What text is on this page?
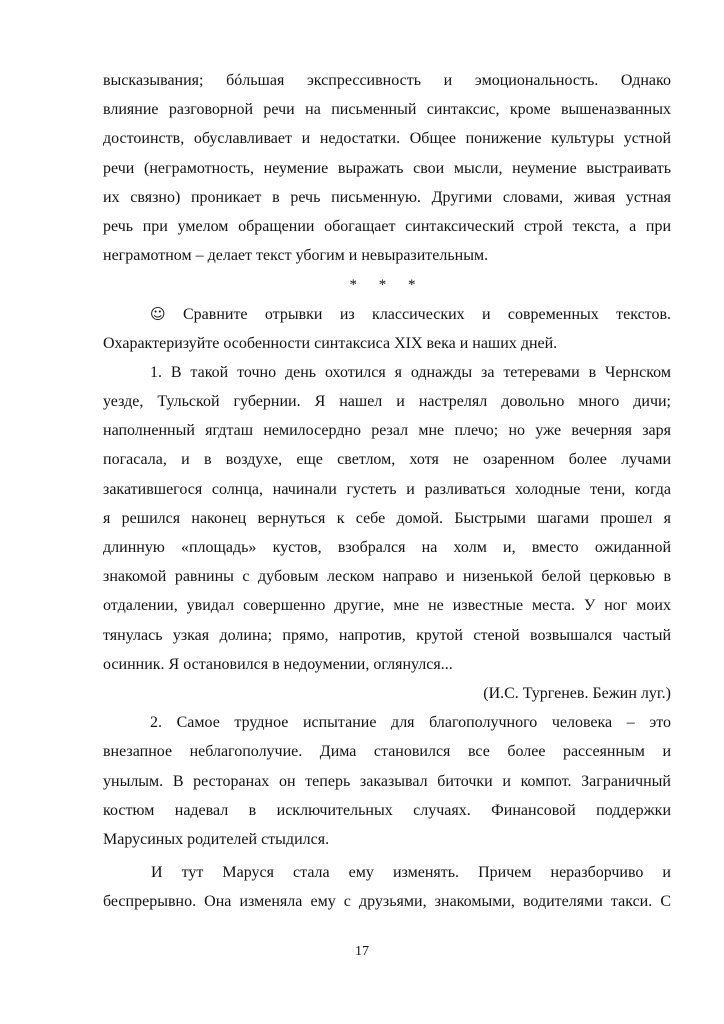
высказывания; бóльшая экспрессивность и эмоциональность. Однако
влияние разговорной речи на письменный синтаксис, кроме вышеназванных
достоинств, обуславливает и недостатки. Общее понижение культуры устной
речи (неграмотность, неумение выражать свои мысли, неумение выстраивать
их связно) проникает в речь письменную. Другими словами, живая устная
речь при умелом обращении обогащает синтаксический строй текста, а при
неграмотном – делает текст убогим и невыразительным.
* * *
☺ Сравните отрывки из классических и современных текстов.
Охарактеризуйте особенности синтаксиса XIX века и наших дней.
1. В такой точно день охотился я однажды за тетеревами в Чернском
уезде, Тульской губернии. Я нашел и настрелял довольно много дичи;
наполненный ягдташ немилосердно резал мне плечо; но уже вечерняя заря
погасала, и в воздухе, еще светлом, хотя не озаренном более лучами
закатившегося солнца, начинали густеть и разливаться холодные тени, когда
я решился наконец вернуться к себе домой. Быстрыми шагами прошел я
длинную «площадь» кустов, взобрался на холм и, вместо ожиданной
знакомой равнины с дубовым леском направо и низенькой белой церковью в
отдалении, увидал совершенно другие, мне не известные места. У ног моих
тянулась узкая долина; прямо, напротив, крутой стеной возвышался частый
осинник. Я остановился в недоумении, оглянулся...
(И.С. Тургенев. Бежин луг.)
2. Самое трудное испытание для благополучного человека – это
внезапное неблагополучие. Дима становился все более рассеянным и
унылым. В ресторанах он теперь заказывал биточки и компот. Заграничный
костюм надевал в исключительных случаях. Финансовой поддержки
Марусиных родителей стыдился.
И тут Маруся стала ему изменять. Причем неразборчиво и
беспрерывно. Она изменяла ему с друзьями, знакомыми, водителями такси. С
17
